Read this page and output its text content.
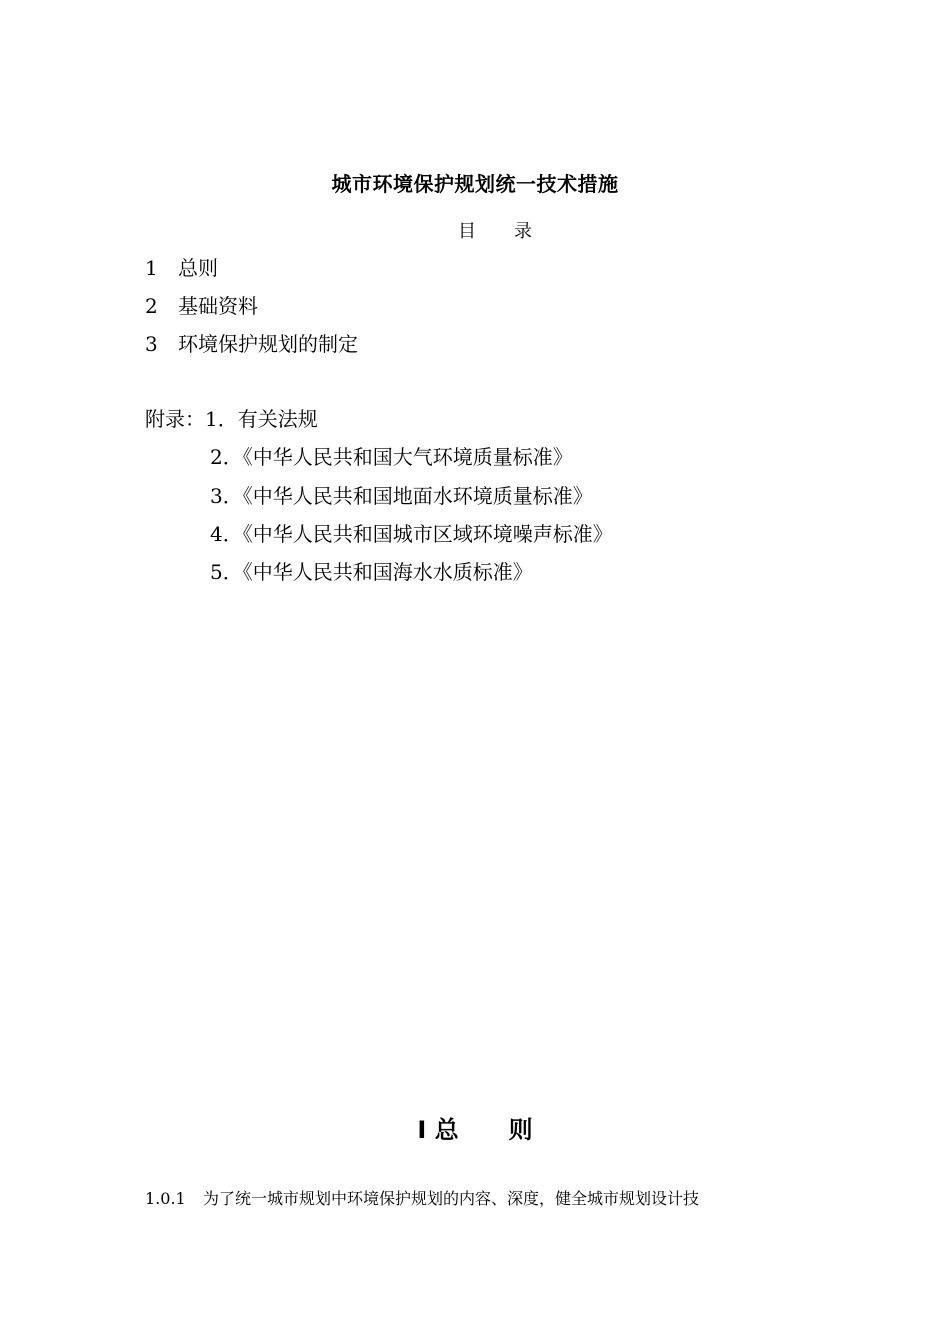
城市环境保护规划统一技术措施
目 录
1 总则
2 基础资料
3 环境保护规划的制定
附录：1．有关法规
2．《中华人民共和国大气环境质量标准》
3．《中华人民共和国地面水环境质量标准》
4．《中华人民共和国城市区域环境噪声标准》
5．《中华人民共和国海水水质标准》
Ⅰ 总 则
1.0.1 为了统一城市规划中环境保护规划的内容、深度，健全城市规划设计技
